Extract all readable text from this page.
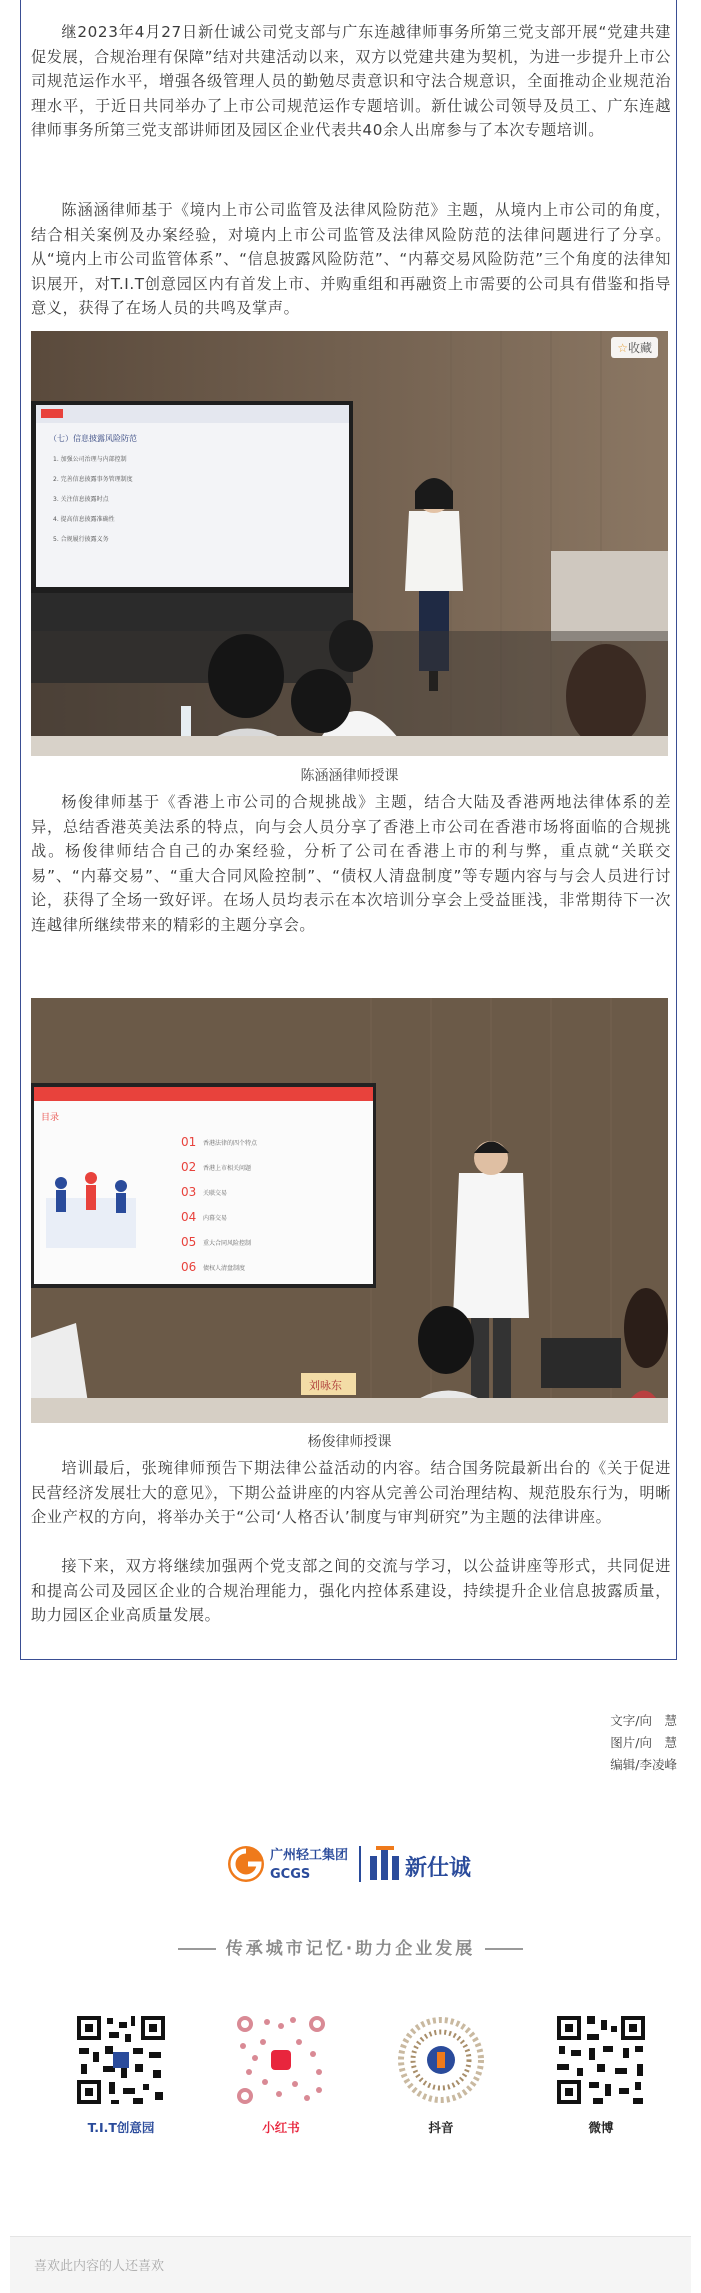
继2023年4月27日新仕诚公司党支部与广东连越律师事务所第三党支部开展“党建共建促发展，合规治理有保障”结对共建活动以来，双方以党建共建为契机，为进一步提升上市公司规范运作水平，增强各级管理人员的勤勉尽责意识和守法合规意识，全面推动企业规范治理水平，于近日共同举办了上市公司规范运作专题培训。新仕诚公司领导及员工、广东连越律师事务所第三党支部讲师团及园区企业代表共40余人出席参与了本次专题培训。

陈涵涵律师基于《境内上市公司监管及法律风险防范》主题，从境内上市公司的角度，结合相关案例及办案经验，对境内上市公司监管及法律风险防范的法律问题进行了分享。从“境内上市公司监管体系”、“信息披露风险防范”、“内幕交易风险防范”三个角度的法律知识展开，对T.I.T创意园区内有首发上市、并购重组和再融资上市需要的公司具有借鉴和指导意义，获得了在场人员的共鸣及掌声。

（七）信息披露风险防范
1. 加强公司治理与内部控制
2. 完善信息披露事务管理制度
3. 关注信息披露时点
4. 提高信息披露准确性
5. 合规履行披露义务
☆收藏
陈涵涵律师授课

杨俊律师基于《香港上市公司的合规挑战》主题，结合大陆及香港两地法律体系的差异，总结香港英美法系的特点，向与会人员分享了香港上市公司在香港市场将面临的合规挑战。杨俊律师结合自己的办案经验，分析了公司在香港上市的利与弊，重点就“关联交易”、“内幕交易”、“重大合同风险控制”、“债权人清盘制度”等专题内容与与会人员进行讨论，获得了全场一致好评。在场人员均表示在本次培训分享会上受益匪浅，非常期待下一次连越律所继续带来的精彩的主题分享会。

目录
01 香港法律的四个特点
02 香港上市相关问题
03 关联交易
04 内幕交易
05 重大合同风险控制
06 债权人清盘制度
刘咏东
杨俊律师授课

培训最后，张琬律师预告下期法律公益活动的内容。结合国务院最新出台的《关于促进民营经济发展壮大的意见》，下期公益讲座的内容从完善公司治理结构、规范股东行为，明晰企业产权的方向，将举办关于“公司‘人格否认’制度与审判研究”为主题的法律讲座。

接下来，双方将继续加强两个党支部之间的交流与学习，以公益讲座等形式，共同促进和提高公司及园区企业的合规治理能力，强化内控体系建设，持续提升企业信息披露质量，助力园区企业高质量发展。

文字/向　慧
图片/向　慧
编辑/李凌峰
广州轻工集团
GCGS	新仕诚
传承城市记忆·助力企业发展
T.I.T创意园	小红书	抖音	微博
喜欢此内容的人还喜欢
